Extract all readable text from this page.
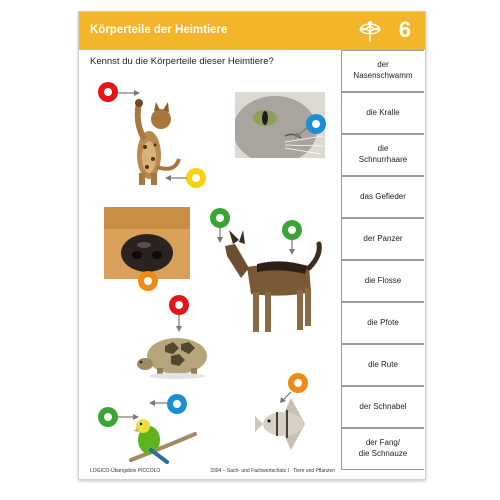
Körperteile der Heimtiere	6
Kennst du die Körperteile dieser Heimtiere?	der
Nasenschwamm
die Kralle
die
Schnurrhaare
das Gefieder
der Panzer
die Flosse
die Pfote
die Rute
der Schnabel
der Fang/
die Schnauze
LOGICO-Übungsbox PICCOLO	3304 – Sach- und Fachwortschatz I · Tiere und Pflanzen
